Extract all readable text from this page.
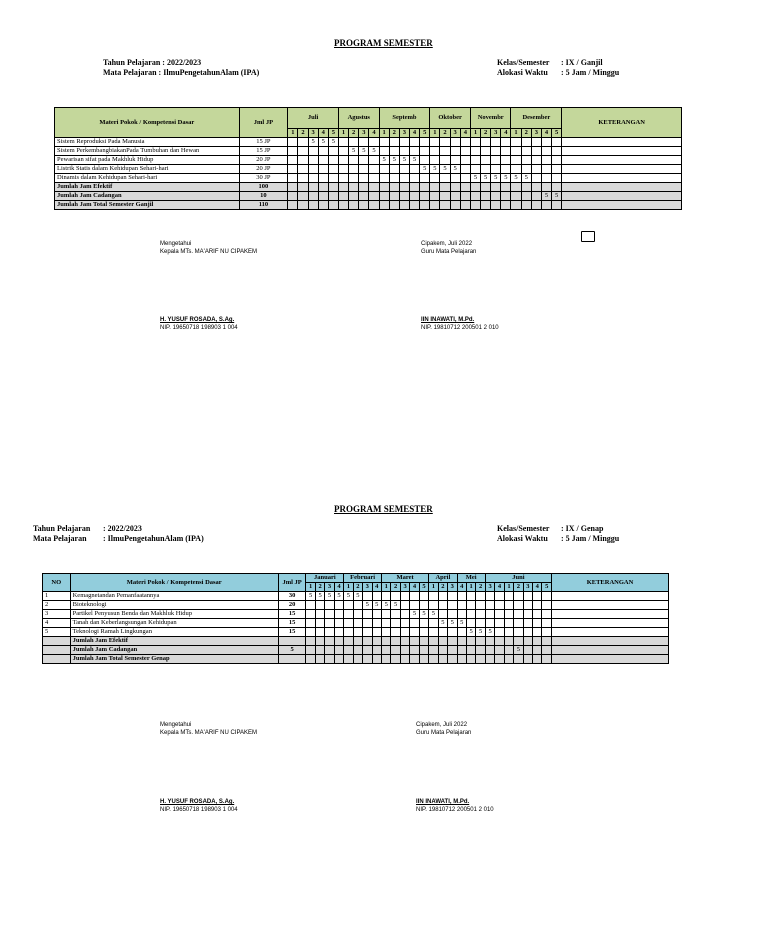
PROGRAM SEMESTER
Tahun Pelajaran : 2022/2023
Mata Pelajaran : IlmuPengetahunAlam (IPA)
Kelas/Semester : IX / Ganjil
Alokasi Waktu : 5 Jam / Minggu
Materi Pokok / Kompetensi Dasar	Jml JP	Juli					Agustus				Septemb					Oktober				Novembr				Desember					KETERANGAN
		1	2	3	4	5	1	2	3	4	1	2	3	4	5	1	2	3	4	1	2	3	4	1	2	3	4	5	
Sistem Reproduksi Pada Manusia	15 JP			5	5	5																							
Sistem PerkembangbiakanPada Tumbuhan dan Hewan	15 JP							5	5	5																			
Pewarisan sifat pada Makhluk Hidup	20 JP										5	5	5	5															
Listrik Statis dalam Kehidupan Sehari-hari	20 JP														5	5	5	5											
Dinamis dalam Kehidupan Sehari-hari	30 JP																			5	5	5	5	5	5				
Jumlah Jam Efektif	100																												
Jumlah Jam Cadangan	10																										5	5	
Jumlah Jam Total Semester Ganjil	110																												
Mengetahui
Kepala MTs. MA'ARIF NU CIPAKEM
H. YUSUF ROSADA, S.Ag.
NIP. 19650718 198903 1 004
Cipakem, Juli 2022
Guru Mata Pelajaran
IIN INAWATI, M.Pd.
NIP. 19810712 200501 2 010
PROGRAM SEMESTER
Tahun Pelajaran : 2022/2023
Mata Pelajaran : IlmuPengetahunAlam (IPA)
Kelas/Semester : IX / Genap
Alokasi Waktu : 5 Jam / Minggu
NO	Materi Pokok / Kompetensi Dasar	Jml JP	Januari				Februari				Maret					April			Mei			Juni							KETERANGAN
			1	2	3	4	1	2	3	4	1	2	3	4	5	1	2	3	4	1	2	3	4	1	2	3	4	5	
1	Kemagnetandan Pemanfaatannya	30	5	5	5	5	5	5																					
2	Bioteknologi	20							5	5	5	5																	
3	Partikel Penyusun Benda dan Makhluk Hidup	15												5	5	5													
4	Tanah dan Keberlangsungan Kehidupan	15															5	5	5										
5	Teknologi Ramah Lingkungan	15																		5	5	5							
	Jumlah Jam Efektif																												
	Jumlah Jam Cadangan	5																							5				
	Jumlah Jam Total Semester Genap																												
Mengetahui
Kepala MTs. MA'ARIF NU CIPAKEM
H. YUSUF ROSADA, S.Ag.
NIP. 19650718 198903 1 004
Cipakem, Juli 2022
Guru Mata Pelajaran
IIN INAWATI, M.Pd.
NIP. 19810712 200501 2 010
